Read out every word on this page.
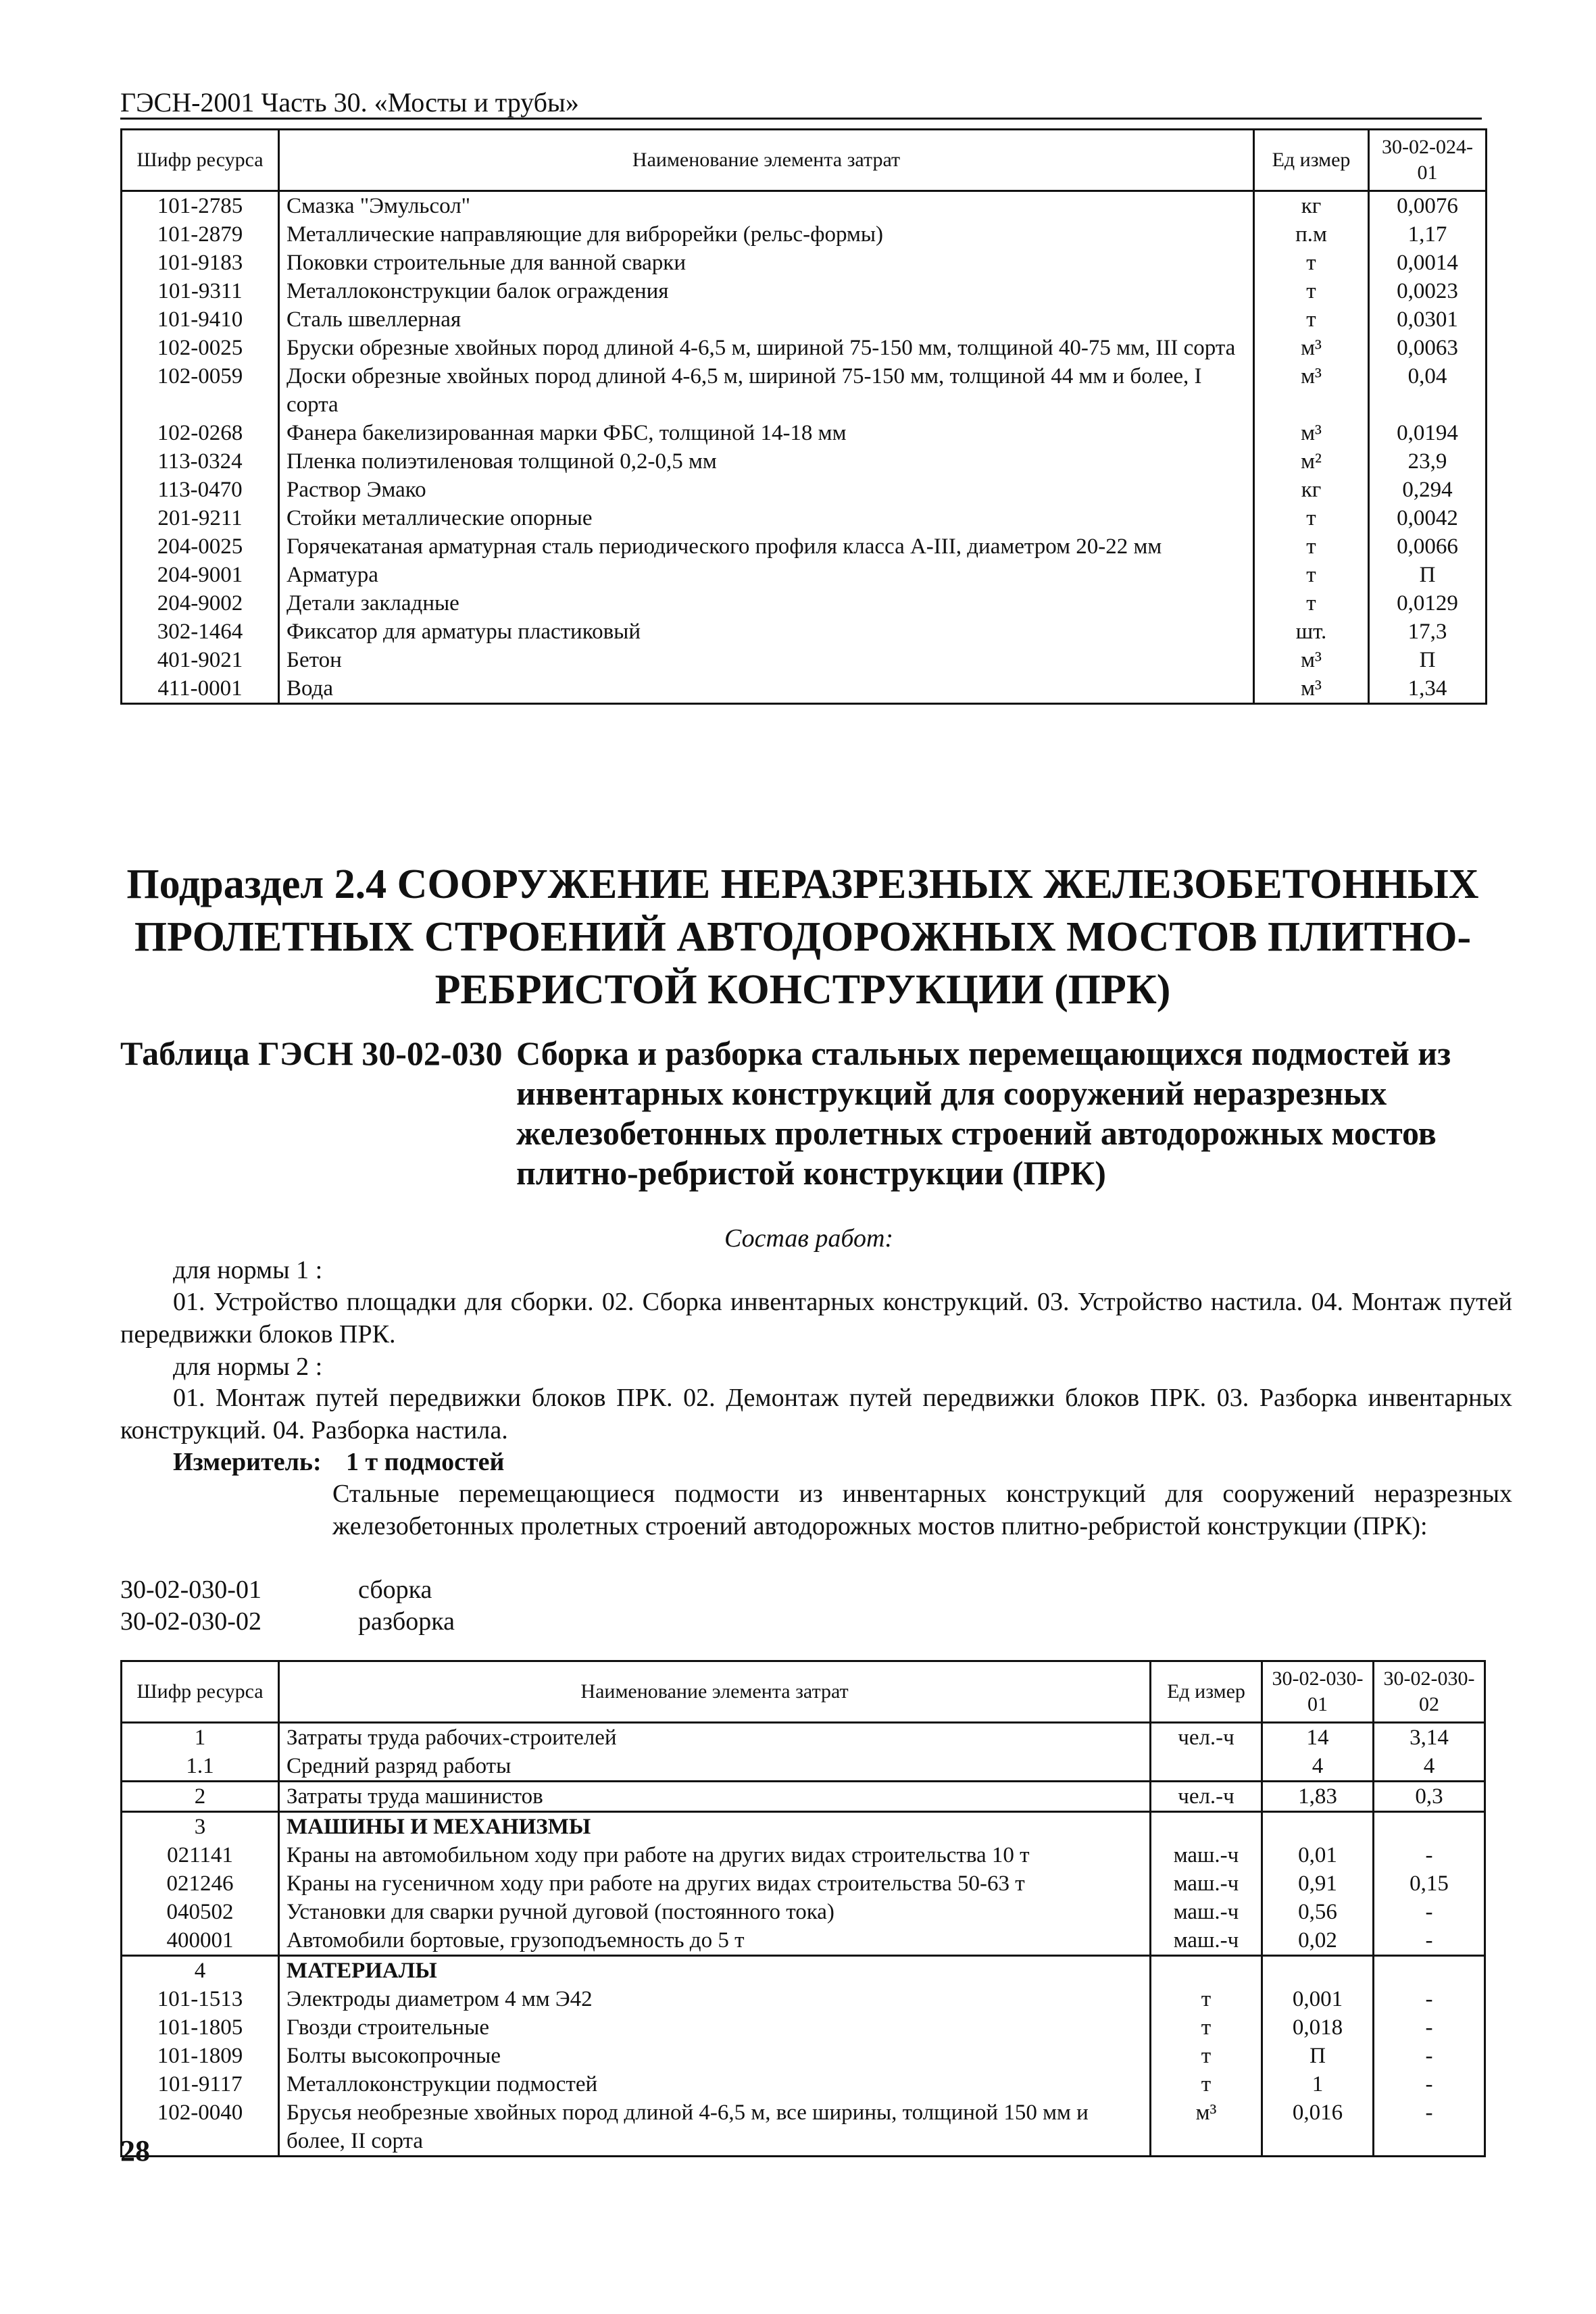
ГЭСН-2001 Часть 30. «Мосты и трубы»
Шифр ресурса	Наименование элемента затрат	Ед измер	30-02-024-01
101-2785	Смазка "Эмульсол"	кг	0,0076
101-2879	Металлические направляющие для виброрейки (рельс-формы)	п.м	1,17
101-9183	Поковки строительные для ванной сварки	т	0,0014
101-9311	Металлоконструкции балок ограждения	т	0,0023
101-9410	Сталь швеллерная	т	0,0301
102-0025	Бруски обрезные хвойных пород длиной 4-6,5 м, шириной 75-150 мм, толщиной 40-75 мм, III сорта	м³	0,0063
102-0059	Доски обрезные хвойных пород длиной 4-6,5 м, шириной 75-150 мм, толщиной 44 мм и более, I сорта	м³	0,04
102-0268	Фанера бакелизированная марки ФБС, толщиной 14-18 мм	м³	0,0194
113-0324	Пленка полиэтиленовая толщиной 0,2-0,5 мм	м²	23,9
113-0470	Раствор Эмако	кг	0,294
201-9211	Стойки металлические опорные	т	0,0042
204-0025	Горячекатаная арматурная сталь периодического профиля класса A-III, диаметром 20-22 мм	т	0,0066
204-9001	Арматура	т	П
204-9002	Детали закладные	т	0,0129
302-1464	Фиксатор для арматуры пластиковый	шт.	17,3
401-9021	Бетон	м³	П
411-0001	Вода	м³	1,34
Подраздел 2.4 СООРУЖЕНИЕ НЕРАЗРЕЗНЫХ ЖЕЛЕЗОБЕТОННЫХ ПРОЛЕТНЫХ СТРОЕНИЙ АВТОДОРОЖНЫХ МОСТОВ ПЛИТНО-РЕБРИСТОЙ КОНСТРУКЦИИ (ПРК)
Таблица ГЭСН 30-02-030 Сборка и разборка стальных перемещающихся подмостей из инвентарных конструкций для сооружений неразрезных железобетонных пролетных строений автодорожных мостов плитно-ребристой конструкции (ПРК)
Состав работ:
для нормы 1 :
01. Устройство площадки для сборки. 02. Сборка инвентарных конструкций. 03. Устройство настила. 04. Монтаж путей передвижки блоков ПРК.
для нормы 2 :
01. Монтаж путей передвижки блоков ПРК. 02. Демонтаж путей передвижки блоков ПРК. 03. Разборка инвентарных конструкций. 04. Разборка настила.
Измеритель: 1 т подмостей
Стальные перемещающиеся подмости из инвентарных конструкций для сооружений неразрезных железобетонных пролетных строений автодорожных мостов плитно-ребристой конструкции (ПРК):
30-02-030-01	сборка
30-02-030-02	разборка
Шифр ресурса	Наименование элемента затрат	Ед измер	30-02-030-01	30-02-030-02
1	Затраты труда рабочих-строителей	чел.-ч	14	3,14
1.1	Средний разряд работы		4	4
2	Затраты труда машинистов	чел.-ч	1,83	0,3
3	МАШИНЫ И МЕХАНИЗМЫ			
021141	Краны на автомобильном ходу при работе на других видах строительства 10 т	маш.-ч	0,01	-
021246	Краны на гусеничном ходу при работе на других видах строительства 50-63 т	маш.-ч	0,91	0,15
040502	Установки для сварки ручной дуговой (постоянного тока)	маш.-ч	0,56	-
400001	Автомобили бортовые, грузоподъемность до 5 т	маш.-ч	0,02	-
4	МАТЕРИАЛЫ			
101-1513	Электроды диаметром 4 мм Э42	т	0,001	-
101-1805	Гвозди строительные	т	0,018	-
101-1809	Болты высокопрочные	т	П	-
101-9117	Металлоконструкции подмостей	т	1	-
102-0040	Брусья необрезные хвойных пород длиной 4-6,5 м, все ширины, толщиной 150 мм и более, II сорта	м³	0,016	-
28
